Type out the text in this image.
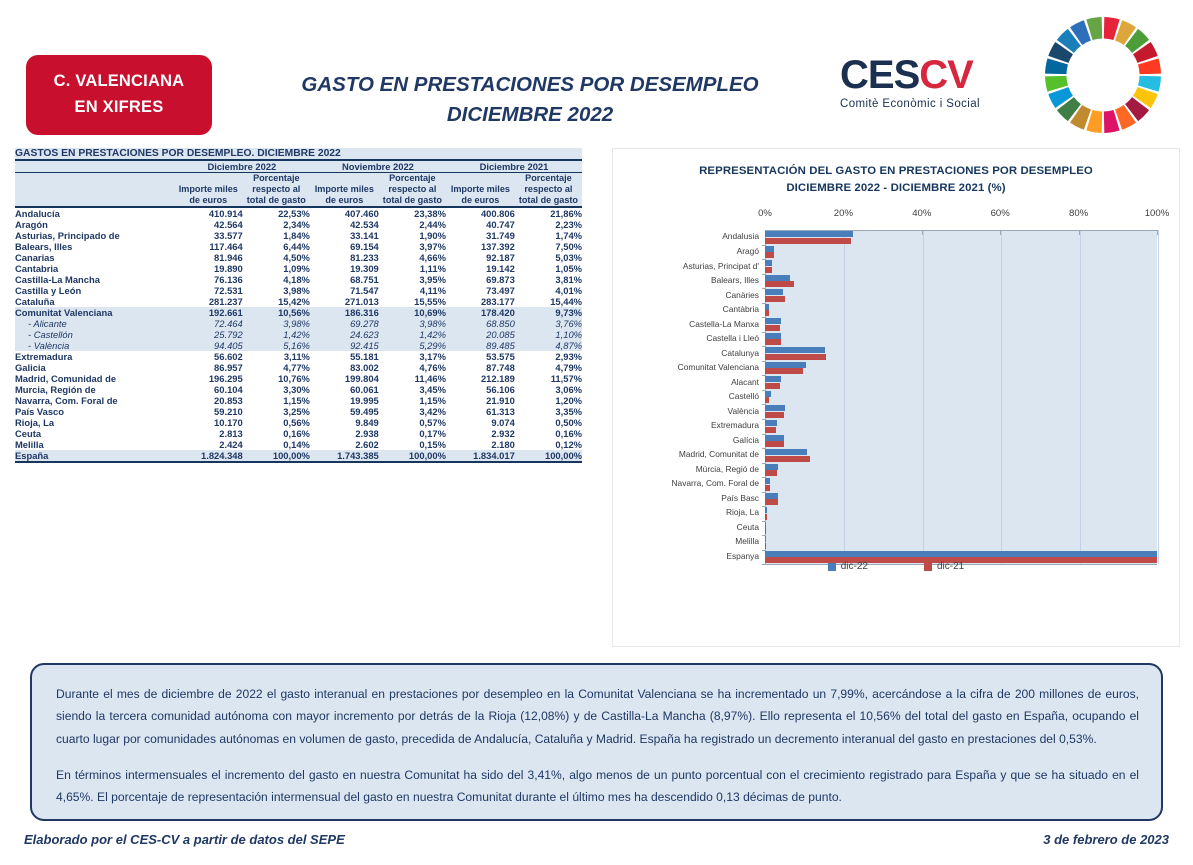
C. VALENCIANA
EN XIFRES
GASTO EN PRESTACIONES POR DESEMPLEO
DICIEMBRE 2022
C ES CV
Comitè Econòmic i Social
GASTOS EN PRESTACIONES POR DESEMPLEO. DICIEMBRE 2022						
	Diciembre 2022		Noviembre 2022		Diciembre 2021	
	Importe miles de euros	Porcentaje respecto al total de gasto	Importe miles de euros	Porcentaje respecto al total de gasto	Importe miles de euros	Porcentaje respecto al total de gasto
Andalucía	410.914	22,53%	407.460	23,38%	400.806	21,86%
Aragón	42.564	2,34%	42.534	2,44%	40.747	2,23%
Asturias, Principado de	33.577	1,84%	33.141	1,90%	31.749	1,74%
Balears, Illes	117.464	6,44%	69.154	3,97%	137.392	7,50%
Canarias	81.946	4,50%	81.233	4,66%	92.187	5,03%
Cantabria	19.890	1,09%	19.309	1,11%	19.142	1,05%
Castilla-La Mancha	76.136	4,18%	68.751	3,95%	69.873	3,81%
Castilla y León	72.531	3,98%	71.547	4,11%	73.497	4,01%
Cataluña	281.237	15,42%	271.013	15,55%	283.177	15,44%
Comunitat Valenciana	192.661	10,56%	186.316	10,69%	178.420	9,73%
- Alicante	72.464	3,98%	69.278	3,98%	68.850	3,76%
- Castellón	25.792	1,42%	24.623	1,42%	20.085	1,10%
- València	94.405	5,16%	92.415	5,29%	89.485	4,87%
Extremadura	56.602	3,11%	55.181	3,17%	53.575	2,93%
Galicia	86.957	4,77%	83.002	4,76%	87.748	4,79%
Madrid, Comunidad de	196.295	10,76%	199.804	11,46%	212.189	11,57%
Murcia, Región de	60.104	3,30%	60.061	3,45%	56.106	3,06%
Navarra, Com. Foral de	20.853	1,15%	19.995	1,15%	21.910	1,20%
País Vasco	59.210	3,25%	59.495	3,42%	61.313	3,35%
Rioja, La	10.170	0,56%	9.849	0,57%	9.074	0,50%
Ceuta	2.813	0,16%	2.938	0,17%	2.932	0,16%
Melilla	2.424	0,14%	2.602	0,15%	2.180	0,12%
España	1.824.348	100,00%	1.743.385	100,00%	1.834.017	100,00%
REPRESENTACIÓN DEL GASTO EN PRESTACIONES POR DESEMPLEO
DICIEMBRE 2022 - DICIEMBRE 2021 (%)
0%	20%	40%	60%	80%	100%
Andalusia
Aragó
Asturias, Principat d'
Balears, Illes
Canàries
Cantàbria
Castella-La Manxa
Castella i Lleó
Catalunya
Comunitat Valenciana
Alacant
Castelló
València
Extremadura
Galícia
Madrid, Comunitat de
Múrcia, Regió de
Navarra, Com. Foral de
País Basc
Rioja, La
Ceuta
Melilla
Espanya
dic-22	dic-21

Durante el mes de diciembre de 2022 el gasto interanual en prestaciones por desempleo en la Comunitat Valenciana se ha incrementado un 7,99%, acercándose a la cifra de 200 millones de euros, siendo la tercera comunidad autónoma con mayor incremento por detrás de la Rioja (12,08%) y de Castilla-La Mancha (8,97%). Ello representa el 10,56% del total del gasto en España, ocupando el cuarto lugar por comunidades autónomas en volumen de gasto, precedida de Andalucía, Cataluña y Madrid. España ha registrado un decremento interanual del gasto en prestaciones del 0,53%.

En términos intermensuales el incremento del gasto en nuestra Comunitat ha sido del 3,41%, algo menos de un punto porcentual con el crecimiento registrado para España y que se ha situado en el 4,65%. El porcentaje de representación intermensual del gasto en nuestra Comunitat durante el último mes ha descendido 0,13 décimas de punto.

Elaborado por el CES-CV a partir de datos del SEPE	3 de febrero de 2023
